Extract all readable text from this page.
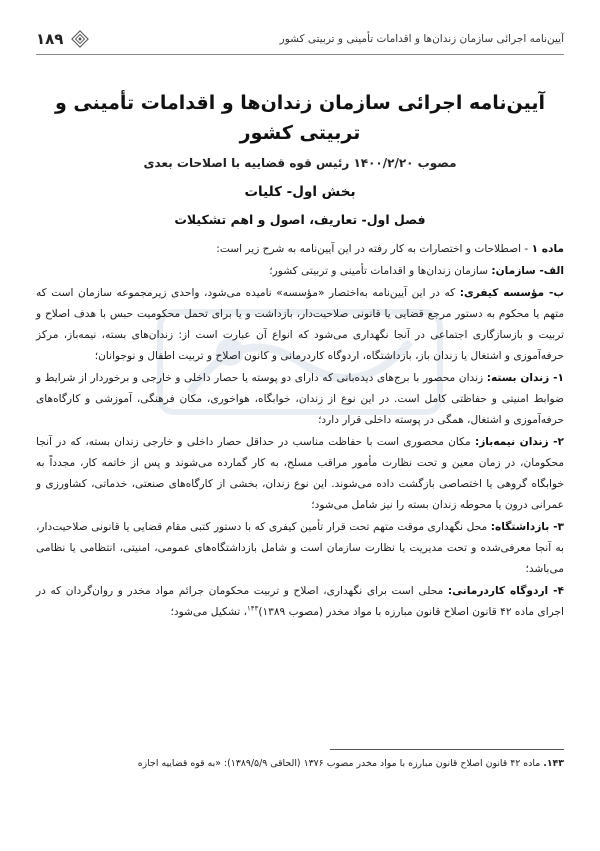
آیین‌نامه اجرائی سازمان زندان‌ها و اقدامات تأمینی و تربیتی کشور
۱۸۹
آیین‌نامه اجرائی سازمان زندان‌ها و اقدامات تأمینی و تربیتی کشور
مصوب ۱۴۰۰/۲/۲۰ رئیس قوه قضاییه با اصلاحات بعدی
بخش اول- کلیات
فصل اول- تعاریف، اصول و اهم تشکیلات

ماده ۱ - اصطلاحات و اختصارات به کار رفته در این آیین‌نامه به شرح زیر است:

الف- سازمان: سازمان زندان‌ها و اقدامات تأمینی و تربیتی کشور؛

ب- مؤسسه کیفری: که در این آیین‌نامه به‌اختصار «مؤسسه» نامیده می‌شود، واحدی زیرمجموعه سازمان است که متهم یا محکوم به دستور مرجع قضایی یا قانونی صلاحیت‌دار، بازداشت و یا برای تحمل محکومیت حبس با هدف اصلاح و تربیت و بازسازگاری اجتماعی در آنجا نگهداری می‌شود که انواع آن عبارت است از: زندان‌های بسته، نیمه‌باز، مرکز حرفه‌آموزی و اشتغال یا زندان باز، بازداشتگاه، اردوگاه کاردرمانی و کانون اصلاح و تربیت اطفال و نوجوانان؛

۱- زندان بسته: زندان محصور با برج‌های دیده‌بانی که دارای دو پوسته یا حصار داخلی و خارجی و برخوردار از شرایط و ضوابط امنیتی و حفاظتی کامل است. در این نوع از زندان، خوابگاه، هواخوری، مکان فرهنگی، آموزشی و کارگاه‌های حرفه‌آموزی و اشتغال، همگی در پوسته داخلی قرار دارد؛

۲- زندان نیمه‌باز: مکان محصوری است با حفاظت مناسب در حداقل حصار داخلی و خارجی زندان بسته، که در آنجا محکومان، در زمان معین و تحت نظارت مأمور مراقب مسلح، به کار گمارده می‌شوند و پس از خاتمه کار، مجدداً به خوابگاه گروهی یا اختصاصی بازگشت داده می‌شوند. این نوع زندان، بخشی از کارگاه‌های صنعتی، خدماتی، کشاورزی و عمرانی درون یا محوطه زندان بسته را نیز شامل می‌شود؛

۳- بازداشتگاه: محل نگهداری موقت متهم تحت قرار تأمین کیفری که با دستور کتبی مقام قضایی یا قانونی صلاحیت‌دار، به آنجا معرفی‌شده و تحت مدیریت یا نظارت سازمان است و شامل بازداشتگاه‌های عمومی، امنیتی، انتظامی یا نظامی می‌باشد؛

۴- اردوگاه کاردرمانی: محلی است برای نگهداری، اصلاح و تربیت محکومان جرائم مواد مخدر و روان‌گردان که در اجرای ماده ۴۲ قانون اصلاح قانون مبارزه با مواد مخدر (مصوب ۱۳۸۹)$^{۱۴۳}$، تشکیل می‌شود؛

۱۴۳. ماده ۴۲ قانون اصلاح قانون مبارزه با مواد مخدر مصوب ۱۳۷۶ (الحاقی ۱۳۸۹/۵/۹): «به قوه قضاییه اجازه
